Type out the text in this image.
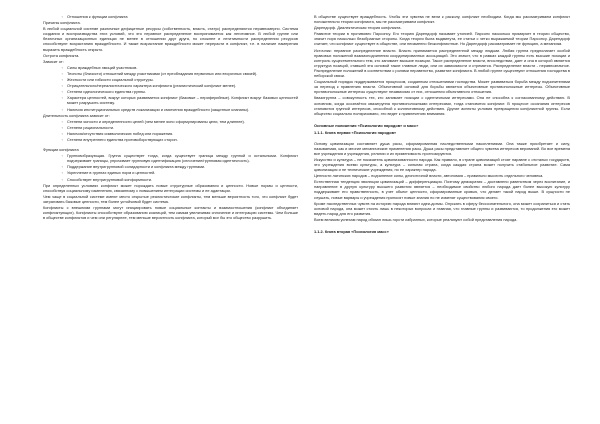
◦	Отношения к функции конфликта

Причины конфликта.

В любой социальной системе различные дефицитные ресурсы (собственность, власть, статус) распределяются неравномерно. Система создания и воспроизводства этих условий, что это неравное распределение воспринимается как легитимное. В любой группе или безличных организационных единицах не менее в отношении друг друга, но сложнее и легитимности распределения ресурсов способствуют возрастанию враждебности. И также возрастание враждебности может перерасти в конфликт, т.е. в наличие намерения выразить враждебность открыто.

Острота конфликта.

Зависит от:

◦	Силы враждебных эмоций участников.
◦	Тесноты (близости) отношений между участниками (от преобладания первичных или вторичных связей).
◦	Жесткости или гибкости социальной структуры.
◦	Отрицательного/нереалистического характера конфликта (реалистический конфликт менее).
◦	Степени идеологического единства группы.
◦	Характера ценностей, вокруг которых развивается конфликт (базовые – периферийные). Конфликт вокруг базовых ценностей может разрушить систему.
◦	Наличия институциональных средств локализации и смягчения враждебности (защитные клапаны).

Длительность конфликта зависит от:

◦	Степени ясности и определенности целей (чем менее ясно сформулированы цели, тем длиннее).
◦	Степени рациональности.
◦	Наличия/отсутствия символических побед или поражения.
◦	Степени внутреннего единства противоборствующих сторон.

Функции конфликта

◦	Групповобразующая. Группа существует тогда, когда существует граница между группой и остальными. Конфликт подчеркивает границы, упрочивает групповую идентификацию (сплочение/групповая идентичность).
◦	Поддержание внутригрупповой солидарности и конфликта между группами.
◦	Укрепление в группах единых норм и ценностей.
◦	Способствует внутригрупповой конформности.

При определенных условиях конфликт может порождать новые структурные образования и ценности. Новые нормы и ценности, способствуя социальному изменению, связанному с повышением интеграции системы и ее адаптации.

Чем чаще в социальной системе имеют место открытые реалистические конфликты, тем меньше вероятность того, что конфликт будет затрагивать базовые ценности, тем более устойчивой будет система.

Конфликты с внешними группами могут инициировать новые социальные контакты и взаимоотношения (конфликт объединяет конфликтующих). Конфликты способствуют образованию коалиций, тем самым увеличивая сплочение и интеграцию системы. Чем больше в обществе конфликтов и чем они регулярнее, тем меньше вероятность конфликта, который мог бы это общество разрушить.

В обществе существует враждебность. Чтобы эти чувства не вели к расколу, конфликт необходим. Когда мы рассматриваем конфликт положительно теории конфликта, мы не рассматриваем конфликт.

Дарендорф. Диалектическая теория конфликта.

Развитие теории в противовес Парсонсу. Его теорию Дарендорф называет утопией. Парсонс насколько примиряет в теории общество, значит поря насколько безобразные стороны. Когда теория была выдвинута, ее статьи с четко выражаемой теории Парсонсу. Дарендорф считает, что конфликт существует в обществе, они неизменно безконфликтные. Но Дарендорф рассматривает не функцию, а механизм.

Источник: неравное распределение власти. Власть принимается распределенной между людьми. Любая группа предполагает особой правовых положений взаимоподчинения координированных ассоциаций. Это значит, что в рамках каждой группы есть высшие позиции и контроль существительного тем, кто занимает высшие позиции. Такое распределение власти, впоследствии, дает и она в которой является структура позиций, ставшей эта основой такие главные люди, или их зависимости и стремятся. Распределение власти - неравнозначное. Распределение положений в соответствии с ролями неравенство, развитие конфликта. В любой группе существуют отношения господства в неборской связи.

Социальный порядок поддерживается процессом, созданным отношениями господства. Может развиваться борьба между подчинителями за переход к правлению власти. Объективной основой для борьбы является объективные противоположные интересы. Объективные противоположные интересы существуют независимо от них, отношения объективного отношения.

Квазигруппа – совокупность тех, кто занимает позиции с идентичными интересами. Она не способна к согласованному действию. В основном, когда осознаётся квазигруппа противоположными интересами, тогда становится конфликт. В процессе осознания интересов становится группой интересов, способной к коллективному действию. Другие аспекты условия превращения конфликтной группы. Если общество социально поляризовано, это ведет к привлечению внимания.

Основные положения «Психологии народов» и масс»
1.1.1. Книга первая «Психология народов»

Основу цивилизации составляет душа расы, сформированная наследственными накоплениями. Она также приобретает и силу, называемая, как и многие механические применения расы. Душа расы представляет общего чувства интересов верований. Во все времена все учреждения и учреждения, религии и их применимость прогнозируются.

Искусство и культура – не показатель цивилизованности народа. Как правило, в стране цивилизаций стоят наравне с отсталых государств, это учреждения всеми культуры, а культура – сильная страна, когда каждая страна может получить стабильное развитие. Сама цивилизация и не технические учреждения, но ее характер народа.

Ценности латинских народов – подчинение силы, деспотичной власти, автономия – правильно мыслить отдельного человека.

Естественная тенденция эволюции цивилизаций – дифференциация. Поэтому демократия – доставлено равенством через воспитание, и направление в другую культуру высшего развития является – необходимое свойство любого народа дает более высокую культуру поддерживает его нравственность, в учет обьект ценности, сформированные кровью, что делает такой народ выше. В сущности не слушать, новые варвары и учреждения приносят новые знания но не изменят существования своего.

Кроме наследственных чувств на историю народа влияют идеи-догмы. Опускать в сферу бессознательного, она может сохраниться и стать основой народа, она может стоять лишь в некоторых вопросах и главная, что главные группы и развиваются, то продолжения его может видеть народ для его развития.

Всем великим успехам народ обязан лишь горсти избранных, которые реализуют собой представления народа.

1.1.2. Книга вторая «Психология масс»
